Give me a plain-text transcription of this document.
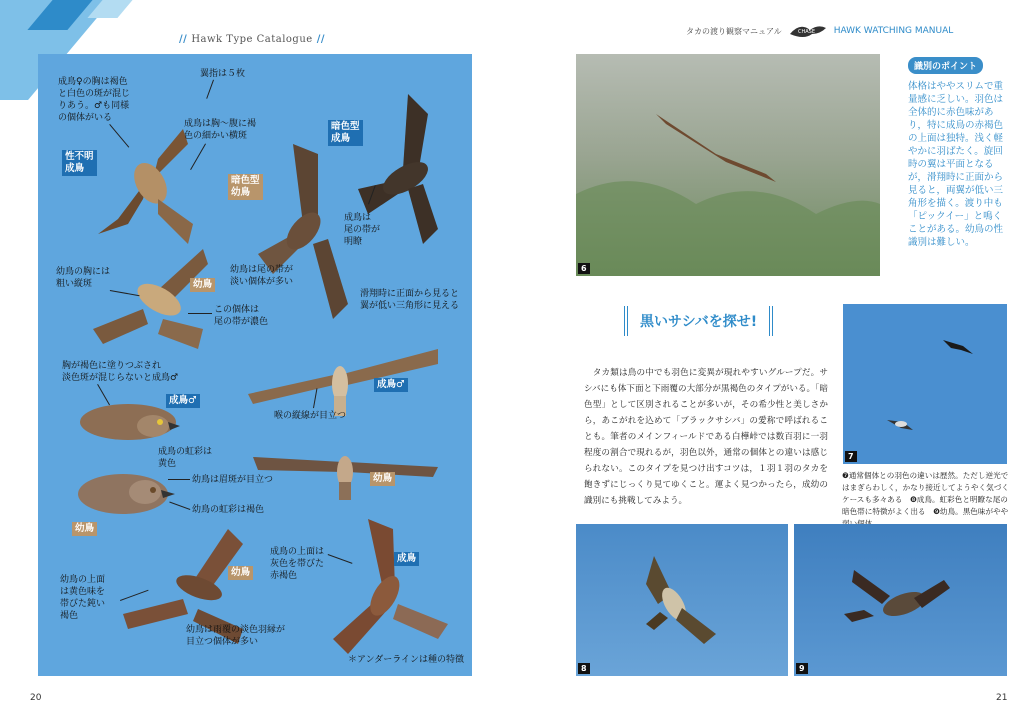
// Hawk Type Catalogue //
性不明
成鳥
暗色型
成鳥
暗色型
幼鳥
幼鳥
成鳥♂
成鳥♂
幼鳥
幼鳥
幼鳥
成鳥
成鳥♀の胸は褐色
と白色の斑が混じ
りあう。♂も同様
の個体がいる
翼指は５枚
成鳥は胸～腹に褐
色の細かい横斑
成鳥は
尾の帯が
明瞭
幼鳥の胸には
粗い縦斑
幼鳥は尾の帯が
淡い個体が多い
この個体は
尾の帯が濃色
滑翔時に正面から見ると
翼が低い三角形に見える
胸が褐色に塗りつぶされ
淡色斑が混じらないと成鳥♂
喉の縦線が目立つ
成鳥の虹彩は
黄色
幼鳥は眉斑が目立つ
幼鳥の虹彩は褐色
成鳥の上面は
灰色を帯びた
赤褐色
幼鳥の上面
は黄色味を
帯びた鈍い
褐色
幼鳥は雨覆の淡色羽縁が
目立つ個体が多い
＊アンダーラインは種の特徴
20
タカの渡り観察マニュアル	CHASE HAWK WATCHING MANUAL
6
識別のポイント
体格はややスリムで重量感に乏しい。羽色は全体的に赤色味があり，特に成鳥の赤褐色の上面は独特。浅く軽やかに羽ばたく。旋回時の翼は平面となるが，滑翔時に正面から見ると，両翼が低い三角形を描く。渡り中も「ピックイー」と鳴くことがある。幼鳥の性識別は難しい。
黒いサシバを探せ!
　タカ類は鳥の中でも羽色に変異が現れやすいグループだ。サシバにも体下面と下雨覆の大部分が黒褐色のタイプがいる。「暗色型」として区別されることが多いが，その希少性と美しさから，あこがれを込めて「ブラックサシバ」の愛称で呼ばれることも。筆者のメインフィールドである白樺峠では数百羽に一羽程度の割合で現れるが，羽色以外，通常の個体との違いは感じられない。このタイプを見つけ出すコツは，１羽１羽のタカを飽きずにじっくり見てゆくこと。運よく見つかったら，成幼の識別にも挑戦してみよう。
7
❼通常個体との羽色の違いは歴然。ただし逆光ではまぎらわしく，かなり接近してようやく気づくケースも多々ある　❽成鳥。虹彩色と明瞭な尾の暗色帯に特徴がよく出る　❾幼鳥。黒色味がやや
8	9
21
